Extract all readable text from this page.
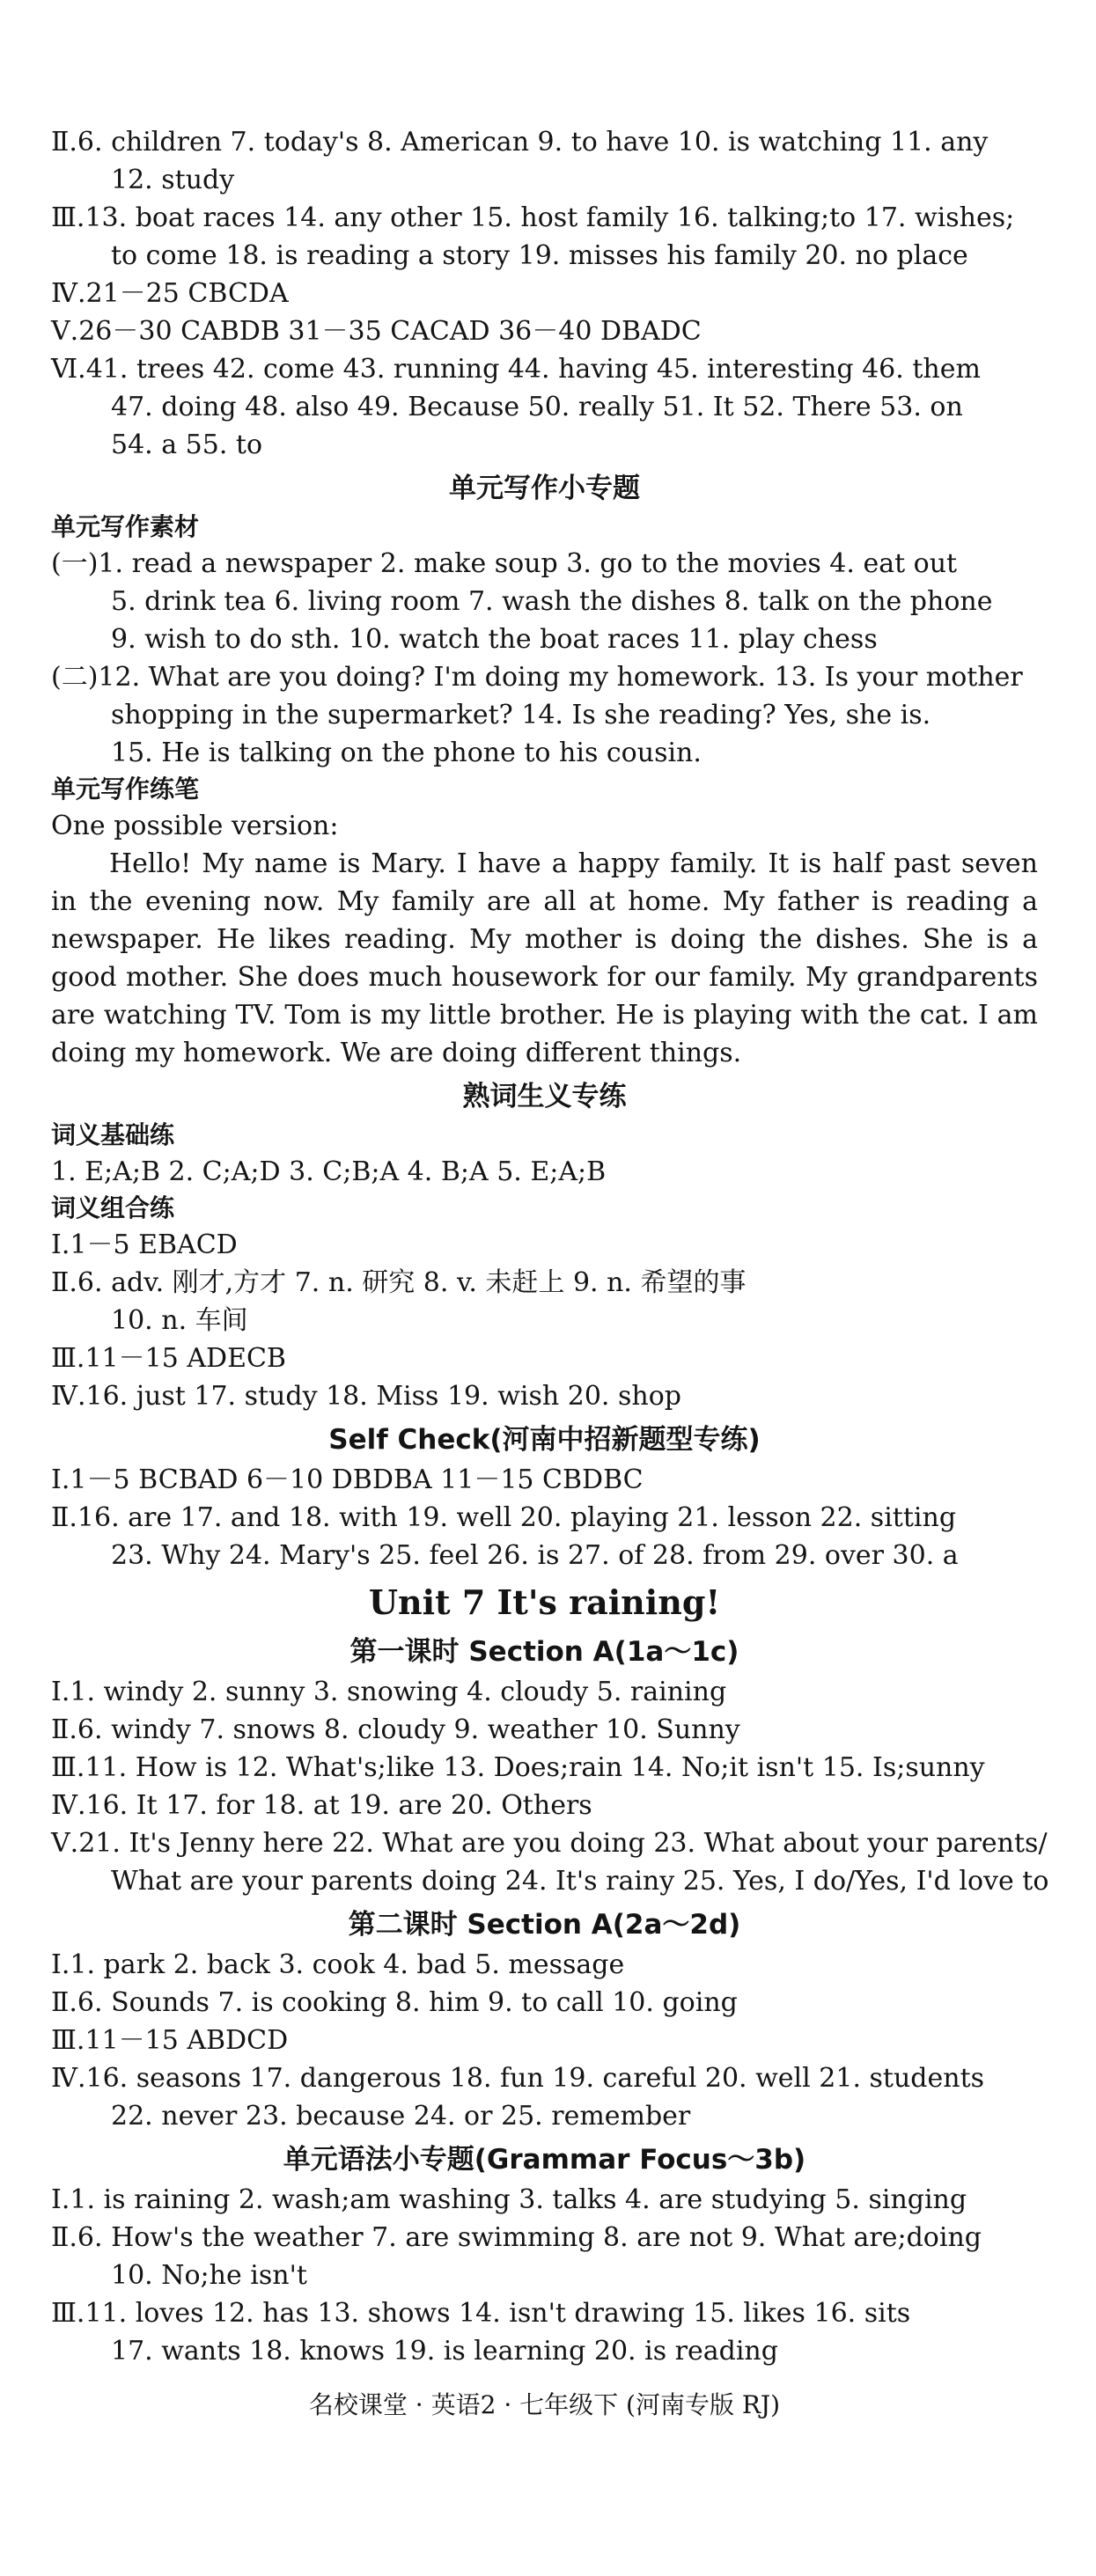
Ⅱ.6. children 7. today's 8. American 9. to have 10. is watching 11. any
12. study
Ⅲ.13. boat races 14. any other 15. host family 16. talking;to 17. wishes;
to come 18. is reading a story 19. misses his family 20. no place
Ⅳ.21－25 CBCDA
Ⅴ.26－30 CABDB 31－35 CACAD 36－40 DBADC
Ⅵ.41. trees 42. come 43. running 44. having 45. interesting 46. them
47. doing 48. also 49. Because 50. really 51. It 52. There 53. on
54. a 55. to
单元写作小专题
单元写作素材
(一)1. read a newspaper 2. make soup 3. go to the movies 4. eat out
5. drink tea 6. living room 7. wash the dishes 8. talk on the phone
9. wish to do sth. 10. watch the boat races 11. play chess
(二)12. What are you doing? I'm doing my homework. 13. Is your mother
shopping in the supermarket? 14. Is she reading? Yes, she is.
15. He is talking on the phone to his cousin.
单元写作练笔
One possible version:
Hello! My name is Mary. I have a happy family. It is half past seven in the evening now. My family are all at home. My father is reading a newspaper. He likes reading. My mother is doing the dishes. She is a good mother. She does much housework for our family. My grandparents are watching TV. Tom is my little brother. He is playing with the cat. I am doing my homework. We are doing different things.
熟词生义专练
词义基础练
1. E;A;B 2. C;A;D 3. C;B;A 4. B;A 5. E;A;B
词义组合练
Ⅰ.1－5 EBACD
Ⅱ.6. adv. 刚才,方才 7. n. 研究 8. v. 未赶上 9. n. 希望的事
10. n. 车间
Ⅲ.11－15 ADECB
Ⅳ.16. just 17. study 18. Miss 19. wish 20. shop
Self Check(河南中招新题型专练)
Ⅰ.1－5 BCBAD 6－10 DBDBA 11－15 CBDBC
Ⅱ.16. are 17. and 18. with 19. well 20. playing 21. lesson 22. sitting
23. Why 24. Mary's 25. feel 26. is 27. of 28. from 29. over 30. a
Unit 7 It's raining!
第一课时 Section A(1a～1c)
Ⅰ.1. windy 2. sunny 3. snowing 4. cloudy 5. raining
Ⅱ.6. windy 7. snows 8. cloudy 9. weather 10. Sunny
Ⅲ.11. How is 12. What's;like 13. Does;rain 14. No;it isn't 15. Is;sunny
Ⅳ.16. It 17. for 18. at 19. are 20. Others
Ⅴ.21. It's Jenny here 22. What are you doing 23. What about your parents/
What are your parents doing 24. It's rainy 25. Yes, I do/Yes, I'd love to
第二课时 Section A(2a～2d)
Ⅰ.1. park 2. back 3. cook 4. bad 5. message
Ⅱ.6. Sounds 7. is cooking 8. him 9. to call 10. going
Ⅲ.11－15 ABDCD
Ⅳ.16. seasons 17. dangerous 18. fun 19. careful 20. well 21. students
22. never 23. because 24. or 25. remember
单元语法小专题(Grammar Focus～3b)
Ⅰ.1. is raining 2. wash;am washing 3. talks 4. are studying 5. singing
Ⅱ.6. How's the weather 7. are swimming 8. are not 9. What are;doing
10. No;he isn't
Ⅲ.11. loves 12. has 13. shows 14. isn't drawing 15. likes 16. sits
17. wants 18. knows 19. is learning 20. is reading
名校课堂 · 英语2 · 七年级下 (河南专版 RJ)
